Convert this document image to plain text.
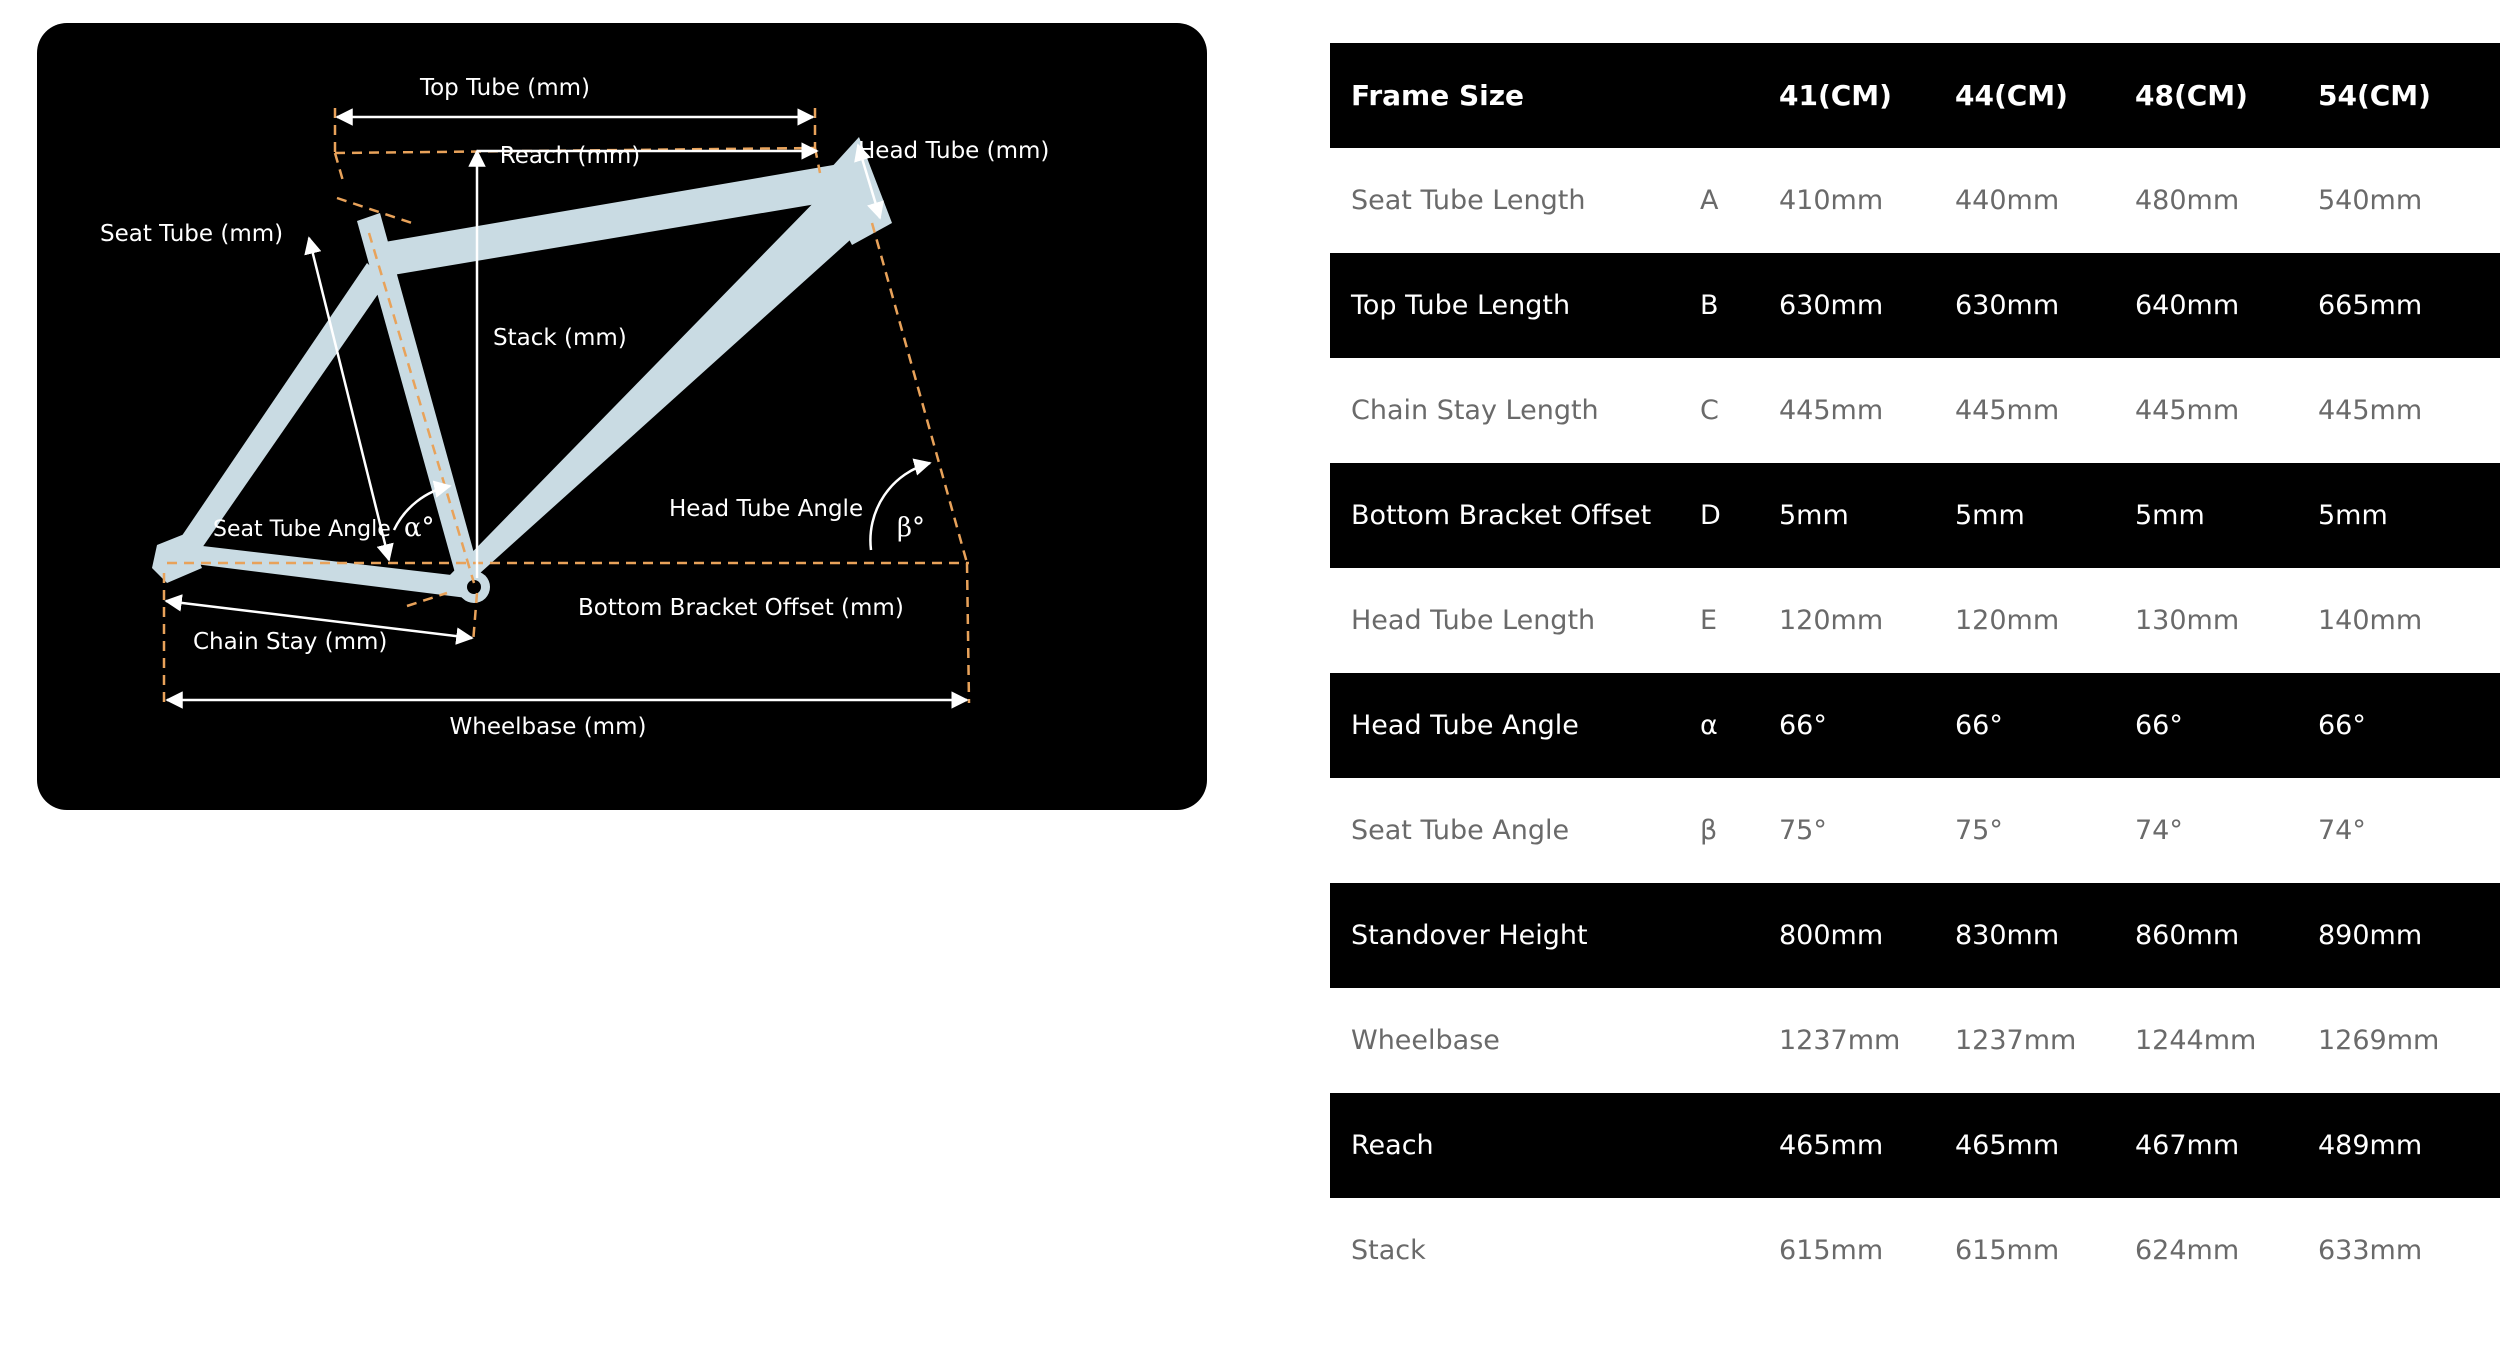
Top Tube (mm)
Reach (mm)	Head Tube (mm)
Seat Tube (mm)
Stack (mm)
Seat Tube Angle α°
Head Tube Angle
β°
Bottom Bracket Offset (mm)
Chain Stay (mm)
Wheelbase (mm)
Frame Size		41(CM)	44(CM)	48(CM)	54(CM)
Seat Tube Length	A	410mm	440mm	480mm	540mm
Top Tube Length	B	630mm	630mm	640mm	665mm
Chain Stay Length	C	445mm	445mm	445mm	445mm
Bottom Bracket Offset	D	5mm	5mm	5mm	5mm
Head Tube Length	E	120mm	120mm	130mm	140mm
Head Tube Angle	α	66°	66°	66°	66°
Seat Tube Angle	β	75°	75°	74°	74°
Standover Height		800mm	830mm	860mm	890mm
Wheelbase		1237mm	1237mm	1244mm	1269mm
Reach		465mm	465mm	467mm	489mm
Stack		615mm	615mm	624mm	633mm
